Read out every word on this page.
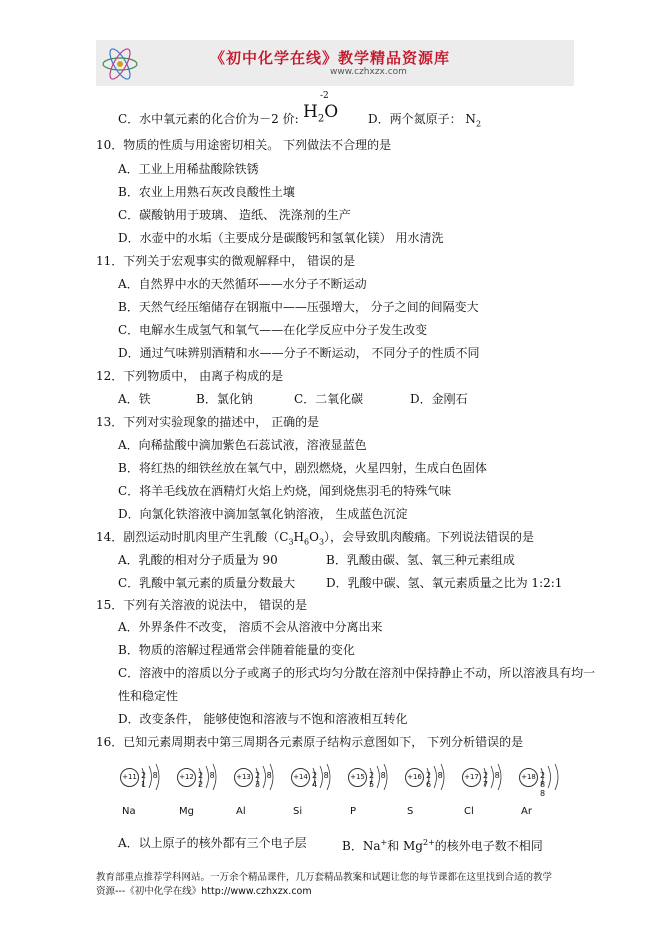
《初中化学在线》教学精品资源库
www.czhxzx.com
C．水中氧元素的化合价为－2 价:
-2
$H_2O$ D．两个氮原子： $N_2$
10．物质的性质与用途密切相关。 下列做法不合理的是
A．工业上用稀盐酸除铁锈
B．农业上用熟石灰改良酸性土壤
C．碳酸钠用于玻璃、 造纸、 洗涤剂的生产
D．水壶中的水垢（主要成分是碳酸钙和氢氧化镁） 用水清洗
11．下列关于宏观事实的微观解释中， 错误的是
A．自然界中水的天然循环——水分子不断运动
B．天然气经压缩储存在钢瓶中——压强增大， 分子之间的间隔变大
C．电解水生成氢气和氧气——在化学反应中分子发生改变
D．通过气味辨别酒精和水——分子不断运动， 不同分子的性质不同
12．下列物质中， 由离子构成的是
A．铁	B．氯化钠	C．二氧化碳	D．金刚石
13．下列对实验现象的描述中， 正确的是
A．向稀盐酸中滴加紫色石蕊试液，溶液显蓝色
B．将红热的细铁丝放在氧气中，剧烈燃烧，火星四射，生成白色固体
C．将羊毛线放在酒精灯火焰上灼烧，闻到烧焦羽毛的特殊气味
D．向氯化铁溶液中滴加氢氧化钠溶液， 生成蓝色沉淀
14．剧烈运动时肌肉里产生乳酸$(C_3H_6O_3)$，会导致肌肉酸痛。下列说法错误的是
A．乳酸的相对分子质量为 90	B．乳酸由碳、氢、氧三种元素组成
C．乳酸中氧元素的质量分数最大	D．乳酸中碳、氢、氧元素质量之比为 1:2:1
15．下列有关溶液的说法中， 错误的是
A．外界条件不改变， 溶质不会从溶液中分离出来
B．物质的溶解过程通常会伴随着能量的变化
C．溶液中的溶质以分子或离子的形式均匀分散在溶剂中保持静止不动，所以溶液具有均一
性和稳定性
D．改变条件， 能够使饱和溶液与不饱和溶液相互转化
16．已知元素周期表中第三周期各元素原子结构示意图如下， 下列分析错误的是
+11 2 8 1
Na
+12 2 8 2
Mg
+13 2 8 3
Al
+14 2 8 4
Si
+15 2 8 5
P
+16 2 8 6
S
+17 2 8 7
Cl
+18 2 8 8
Ar
A．以上原子的核外都有三个电子层	B．Na+和 $Mg^{2+}$的核外电子数不相同
教育部重点推荐学科网站。一万余个精品课件，几万套精品教案和试题让您的每节课都在这里找到合适的教学
资源---《初中化学在线》http://www.czhxzx.com
